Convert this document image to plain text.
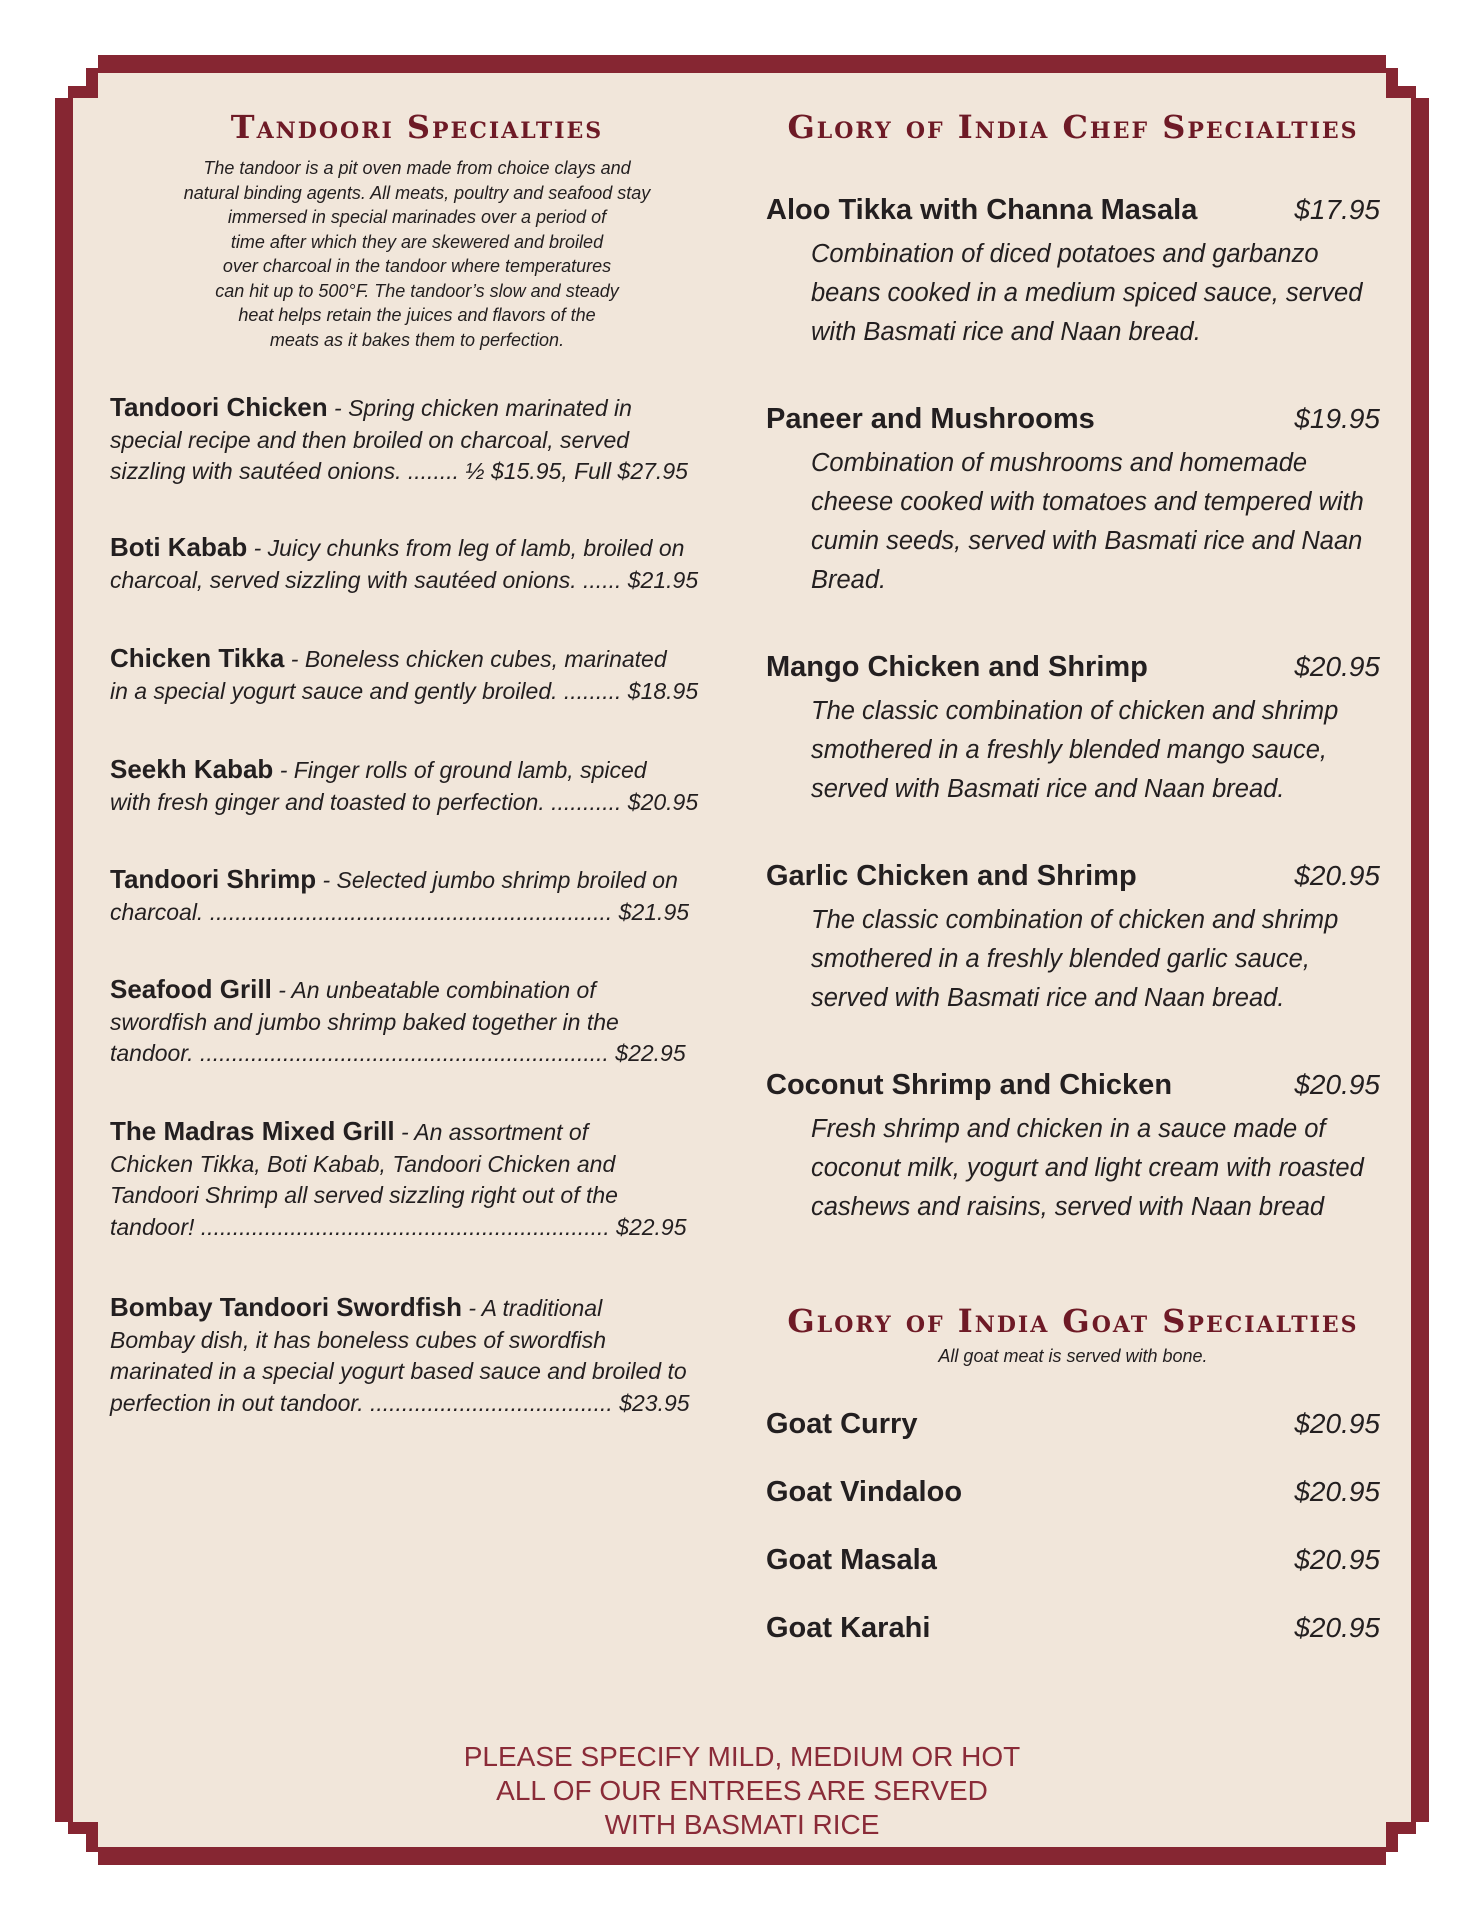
Tandoori Specialties
The tandoor is a pit oven made from choice clays and
natural binding agents. All meats, poultry and seafood stay
immersed in special marinades over a period of
time after which they are skewered and broiled
over charcoal in the tandoor where temperatures
can hit up to 500°F. The tandoor’s slow and steady
heat helps retain the juices and flavors of the
meats as it bakes them to perfection.
Tandoori Chicken - Spring chicken marinated in
special recipe and then broiled on charcoal, served
sizzling with sautéed onions. ........ ½ $15.95, Full $27.95
Boti Kabab - Juicy chunks from leg of lamb, broiled on
charcoal, served sizzling with sautéed onions. ...... $21.95
Chicken Tikka - Boneless chicken cubes, marinated
in a special yogurt sauce and gently broiled. ......... $18.95
Seekh Kabab - Finger rolls of ground lamb, spiced
with fresh ginger and toasted to perfection. ........... $20.95
Tandoori Shrimp - Selected jumbo shrimp broiled on
charcoal. ............................................................... $21.95
Seafood Grill - An unbeatable combination of
swordfish and jumbo shrimp baked together in the
tandoor. ................................................................ $22.95
The Madras Mixed Grill - An assortment of
Chicken Tikka, Boti Kabab, Tandoori Chicken and
Tandoori Shrimp all served sizzling right out of the
tandoor! ................................................................ $22.95
Bombay Tandoori Swordfish - A traditional
Bombay dish, it has boneless cubes of swordfish
marinated in a special yogurt based sauce and broiled to
perfection in out tandoor. ...................................... $23.95
Glory of India Chef Specialties
Aloo Tikka with Channa Masala	$17.95
Combination of diced potatoes and garbanzo beans cooked in a medium spiced sauce, served with Basmati rice and Naan bread.
Paneer and Mushrooms	$19.95
Combination of mushrooms and homemade cheese cooked with tomatoes and tempered with cumin seeds, served with Basmati rice and Naan Bread.
Mango Chicken and Shrimp	$20.95
The classic combination of chicken and shrimp smothered in a freshly blended mango sauce, served with Basmati rice and Naan bread.
Garlic Chicken and Shrimp	$20.95
The classic combination of chicken and shrimp smothered in a freshly blended garlic sauce, served with Basmati rice and Naan bread.
Coconut Shrimp and Chicken	$20.95
Fresh shrimp and chicken in a sauce made of coconut milk, yogurt and light cream with roasted cashews and raisins, served with Naan bread
Glory of India Goat Specialties
All goat meat is served with bone.
Goat Curry	$20.95
Goat Vindaloo	$20.95
Goat Masala	$20.95
Goat Karahi	$20.95
PLEASE SPECIFY MILD, MEDIUM OR HOT
ALL OF OUR ENTREES ARE SERVED
WITH BASMATI RICE
